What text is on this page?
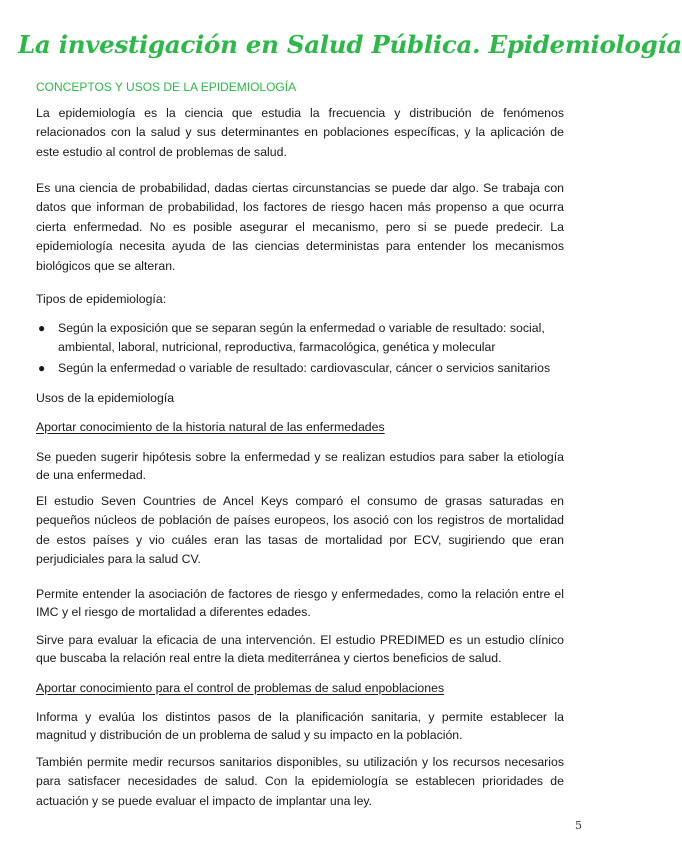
La investigación en Salud Pública. Epidemiología
CONCEPTOS Y USOS DE LA EPIDEMIOLOGÍA

La epidemiología es la ciencia que estudia la frecuencia y distribución de fenómenos relacionados con la salud y sus determinantes en poblaciones específicas, y la aplicación de este estudio al control de problemas de salud.

Es una ciencia de probabilidad, dadas ciertas circunstancias se puede dar algo. Se trabaja con datos que informan de probabilidad, los factores de riesgo hacen más propenso a que ocurra cierta enfermedad. No es posible asegurar el mecanismo, pero si se puede predecir. La epidemiología necesita ayuda de las ciencias deterministas para entender los mecanismos biológicos que se alteran.

Tipos de epidemiología:
● Según la exposición que se separan según la enfermedad o variable de resultado: social, ambiental, laboral, nutricional, reproductiva, farmacológica, genética y molecular
● Según la enfermedad o variable de resultado: cardiovascular, cáncer o servicios sanitarios
Usos de la epidemiología
Aportar conocimiento de la historia natural de las enfermedades

Se pueden sugerir hipótesis sobre la enfermedad y se realizan estudios para saber la etiología de una enfermedad.

El estudio Seven Countries de Ancel Keys comparó el consumo de grasas saturadas en pequeños núcleos de población de países europeos, los asoció con los registros de mortalidad de estos países y vio cuáles eran las tasas de mortalidad por ECV, sugiriendo que eran perjudiciales para la salud CV.

Permite entender la asociación de factores de riesgo y enfermedades, como la relación entre el IMC y el riesgo de mortalidad a diferentes edades.

Sirve para evaluar la eficacia de una intervención. El estudio PREDIMED es un estudio clínico que buscaba la relación real entre la dieta mediterránea y ciertos beneficios de salud.

Aportar conocimiento para el control de problemas de salud enpoblaciones

Informa y evalúa los distintos pasos de la planificación sanitaria, y permite establecer la magnitud y distribución de un problema de salud y su impacto en la población.

También permite medir recursos sanitarios disponibles, su utilización y los recursos necesarios para satisfacer necesidades de salud. Con la epidemiología se establecen prioridades de actuación y se puede evaluar el impacto de implantar una ley.

5
